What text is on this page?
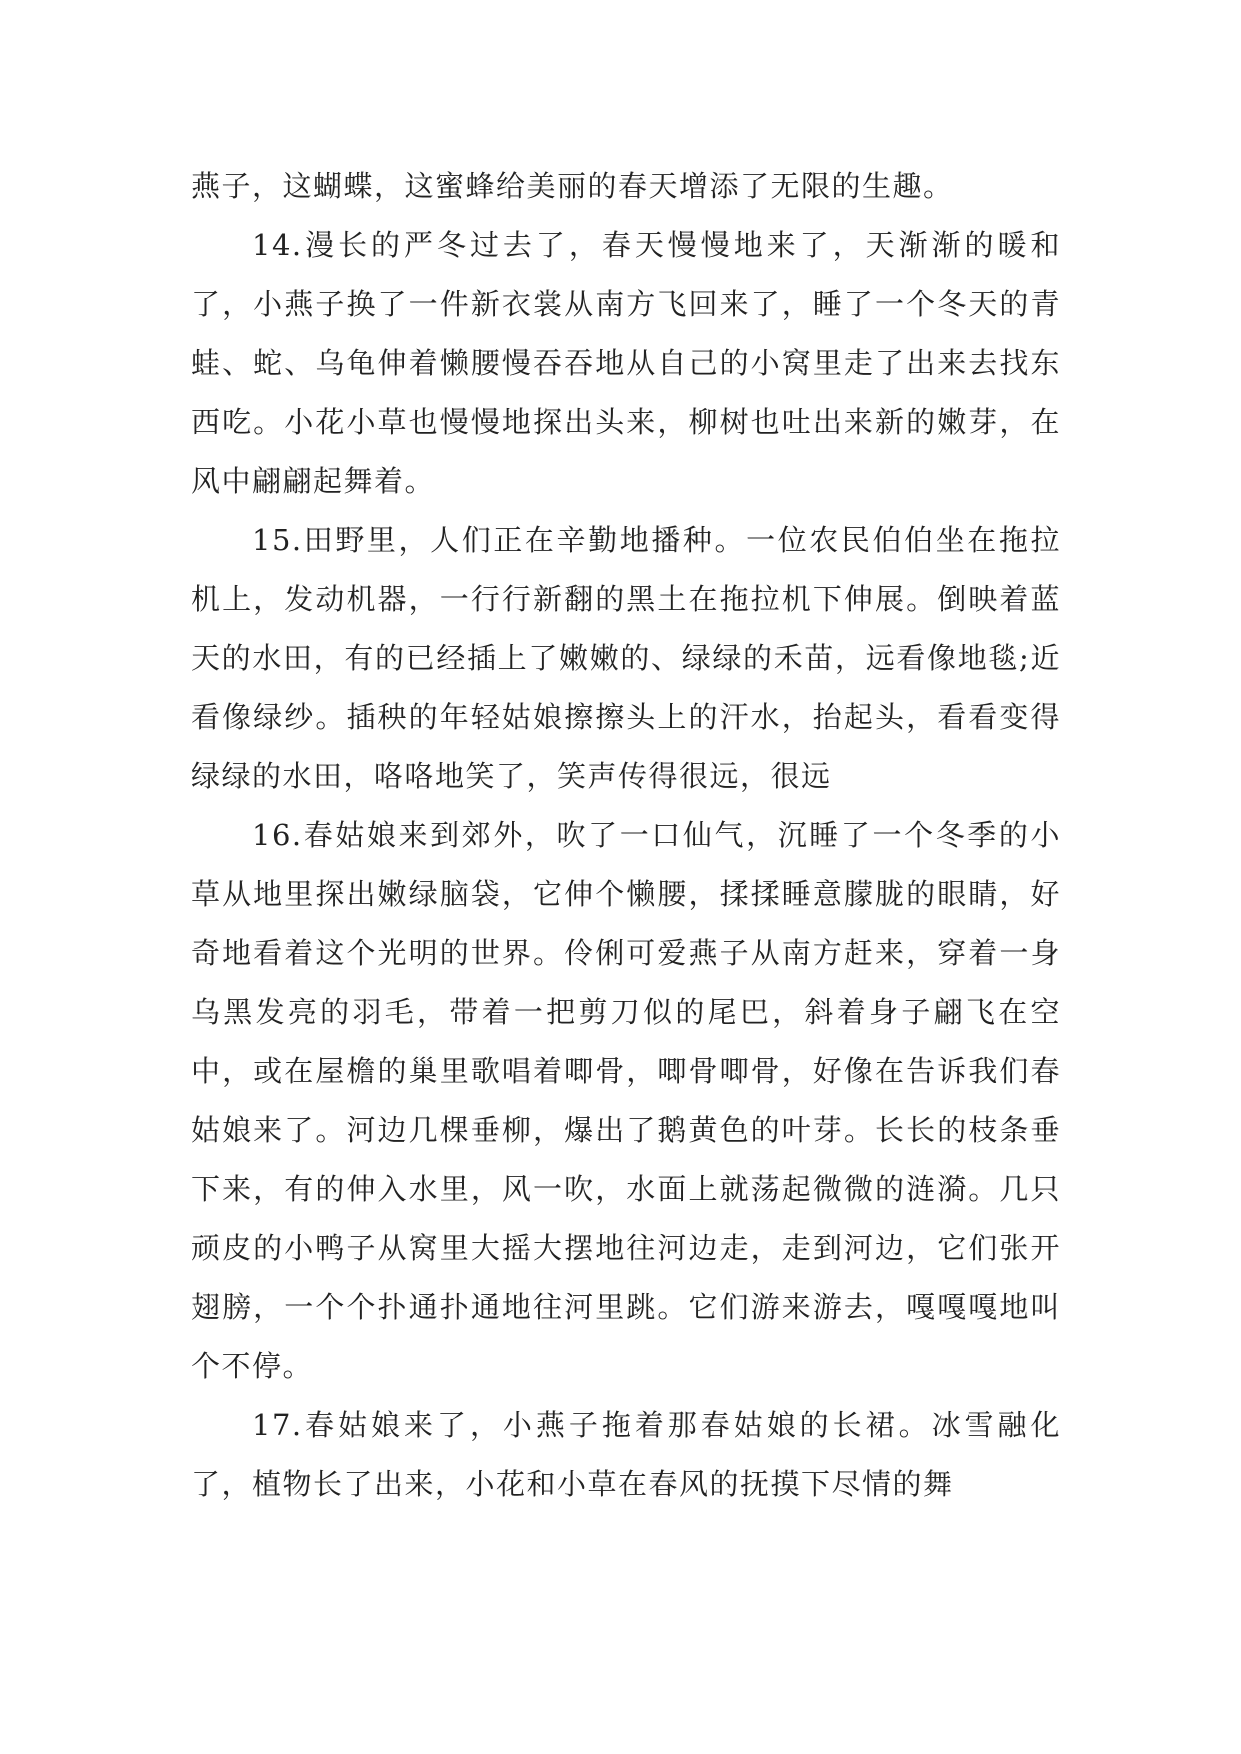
燕子，这蝴蝶，这蜜蜂给美丽的春天增添了无限的生趣。

14.漫长的严冬过去了，春天慢慢地来了，天渐渐的暖和了，小燕子换了一件新衣裳从南方飞回来了，睡了一个冬天的青蛙、蛇、乌龟伸着懒腰慢吞吞地从自己的小窝里走了出来去找东西吃。小花小草也慢慢地探出头来，柳树也吐出来新的嫩芽，在风中翩翩起舞着。

15.田野里，人们正在辛勤地播种。一位农民伯伯坐在拖拉机上，发动机器，一行行新翻的黑土在拖拉机下伸展。倒映着蓝天的水田，有的已经插上了嫩嫩的、绿绿的禾苗，远看像地毯;近看像绿纱。插秧的年轻姑娘擦擦头上的汗水，抬起头，看看变得绿绿的水田，咯咯地笑了，笑声传得很远，很远

16.春姑娘来到郊外，吹了一口仙气，沉睡了一个冬季的小草从地里探出嫩绿脑袋，它伸个懒腰，揉揉睡意朦胧的眼睛，好奇地看着这个光明的世界。伶俐可爱燕子从南方赶来，穿着一身乌黑发亮的羽毛，带着一把剪刀似的尾巴，斜着身子翩飞在空中，或在屋檐的巢里歌唱着唧骨，唧骨唧骨，好像在告诉我们春姑娘来了。河边几棵垂柳，爆出了鹅黄色的叶芽。长长的枝条垂下来，有的伸入水里，风一吹，水面上就荡起微微的涟漪。几只顽皮的小鸭子从窝里大摇大摆地往河边走，走到河边，它们张开翅膀，一个个扑通扑通地往河里跳。它们游来游去，嘎嘎嘎地叫个不停。

17.春姑娘来了，小燕子拖着那春姑娘的长裙。冰雪融化了，植物长了出来，小花和小草在春风的抚摸下尽情的舞
